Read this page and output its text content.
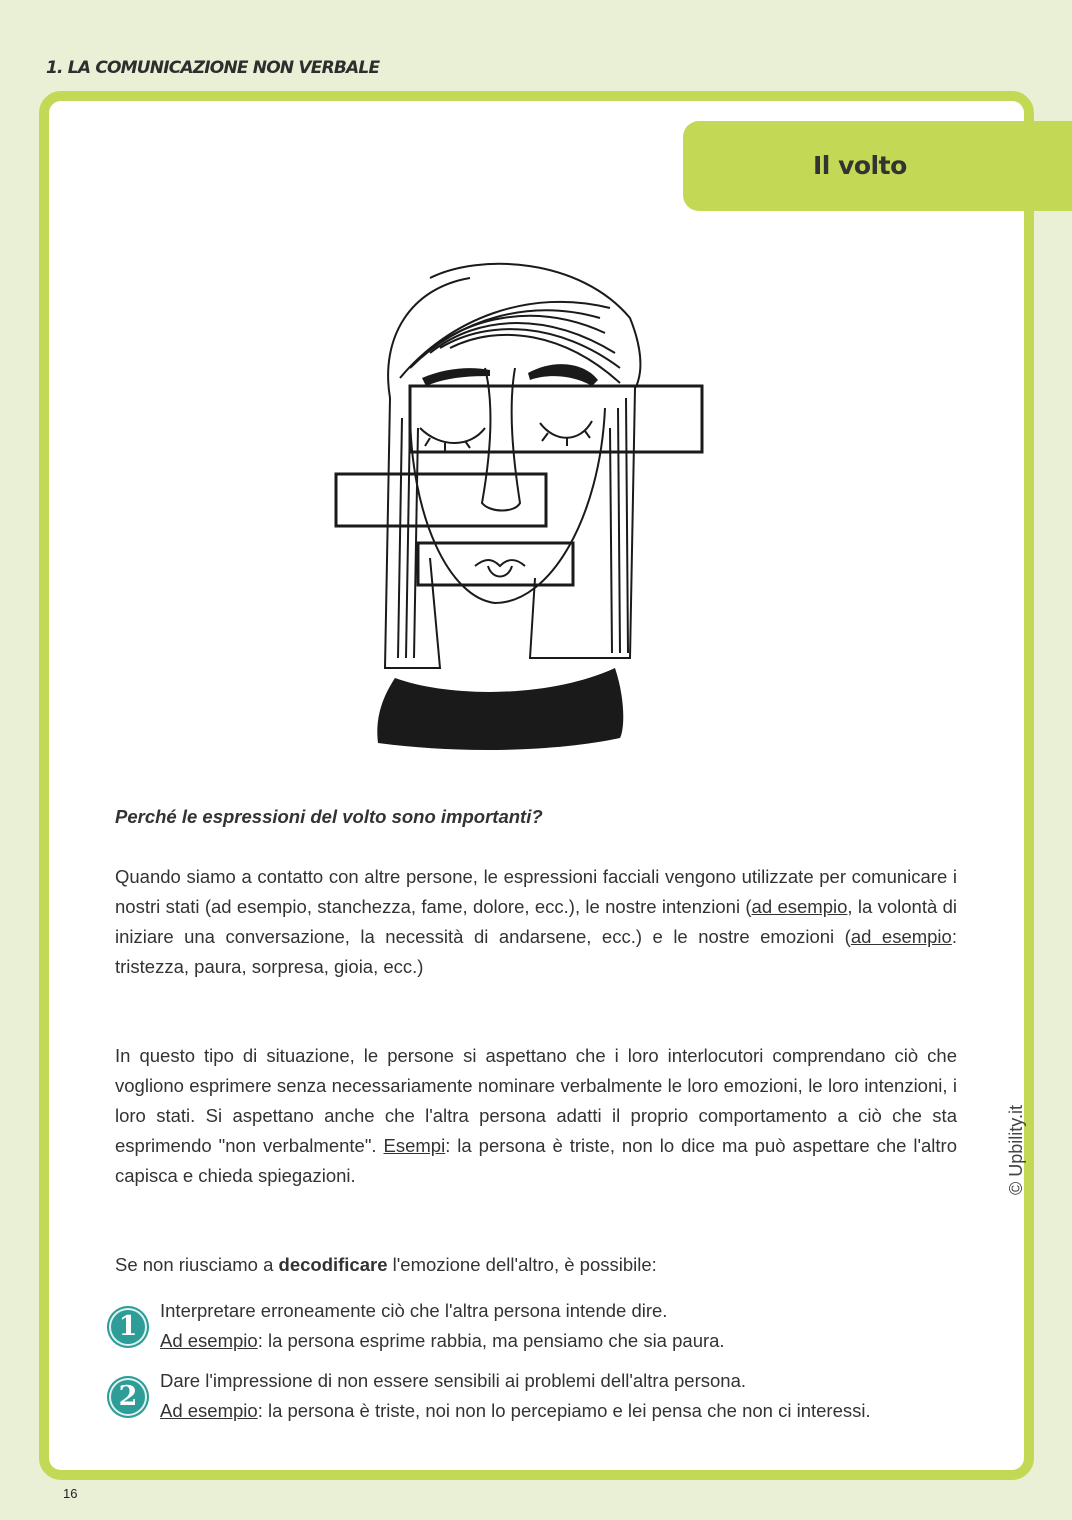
1. LA COMUNICAZIONE NON VERBALE
Il volto
Perché le espressioni del volto sono importanti?
Quando siamo a contatto con altre persone, le espressioni facciali vengono utilizzate per comunicare i nostri stati (ad esempio, stanchezza, fame, dolore, ecc.), le nostre intenzioni (ad esempio, la volontà di iniziare una conversazione, la necessità di andarsene, ecc.) e le nostre emozioni (ad esempio: tristezza, paura, sorpresa, gioia, ecc.)
In questo tipo di situazione, le persone si aspettano che i loro interlocutori comprendano ciò che vogliono esprimere senza necessariamente nominare verbalmente le loro emozioni, le loro intenzioni, i loro stati. Si aspettano anche che l'altra persona adatti il proprio comportamento a ciò che sta esprimendo "non verbalmente". Esempi: la persona è triste, non lo dice ma può aspettare che l'altro capisca e chieda spiegazioni.
Se non riusciamo a decodificare l'emozione dell'altro, è possibile:
1
Interpretare erroneamente ciò che l'altra persona intende dire.
Ad esempio: la persona esprime rabbia, ma pensiamo che sia paura.
2
Dare l'impressione di non essere sensibili ai problemi dell'altra persona.
Ad esempio: la persona è triste, noi non lo percepiamo e lei pensa che non ci interessi.
© Upbility.it
16
